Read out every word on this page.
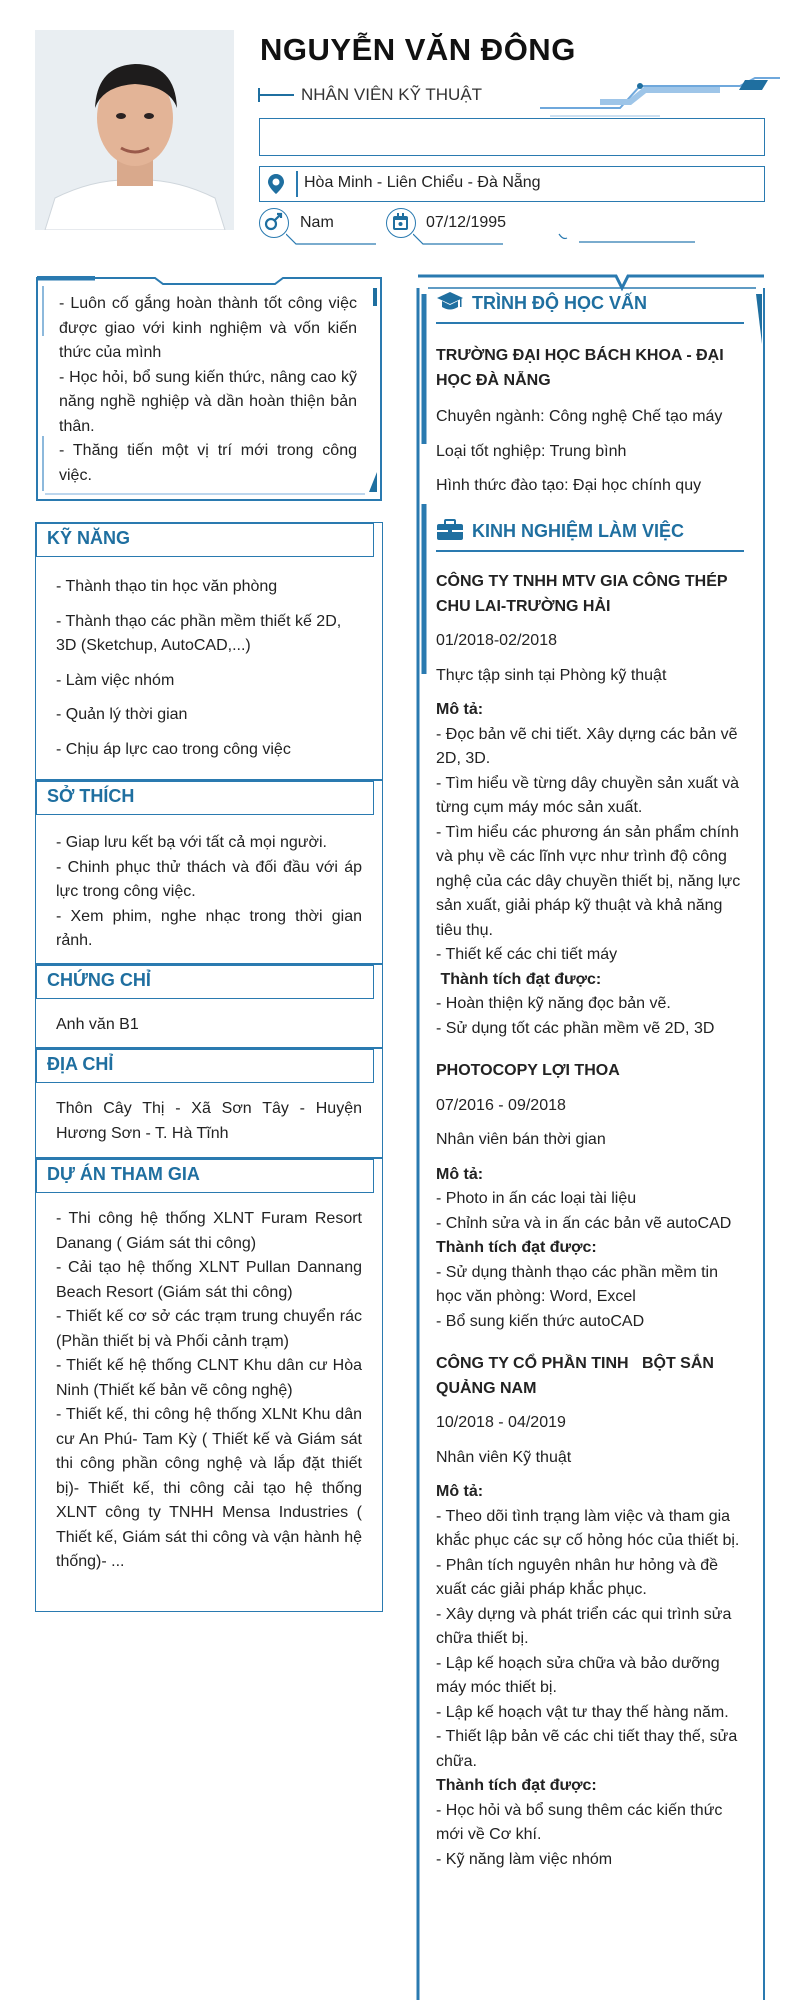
NGUYỄN VĂN ĐÔNG
NHÂN VIÊN KỸ THUẬT
Hòa Minh - Liên Chiểu - Đà Nẵng
Nam	07/12/1995
- Luôn cố gắng hoàn thành tốt công việc được giao với kinh nghiệm và vốn kiến thức của mình
- Học hỏi, bổ sung kiến thức, nâng cao kỹ năng nghề nghiệp và dần hoàn thiện bản thân.
- Thăng tiến một vị trí mới trong công việc.
KỸ NĂNG
- Thành thạo tin học văn phòng
- Thành thạo các phần mềm thiết kế 2D, 3D (Sketchup, AutoCAD,...)
- Làm việc nhóm
- Quản lý thời gian
- Chịu áp lực cao trong công việc
SỞ THÍCH
- Giap lưu kết bạ với tất cả mọi người.
- Chinh phục thử thách và đối đầu với áp lực trong công việc.
- Xem phim, nghe nhạc trong thời gian rảnh.
CHỨNG CHỈ
Anh văn B1
ĐỊA CHỈ
Thôn Cây Thị - Xã Sơn Tây - Huyện Hương Sơn - T. Hà Tĩnh
DỰ ÁN THAM GIA
- Thi công hệ thống XLNT Furam Resort Danang ( Giám sát thi công)
- Cải tạo hệ thống XLNT Pullan Dannang Beach Resort (Giám sát thi công)
- Thiết kế cơ sở các trạm trung chuyển rác (Phần thiết bị và Phối cảnh trạm)
- Thiết kế hệ thống CLNT Khu dân cư Hòa Ninh (Thiết kế bản vẽ công nghệ)
- Thiết kế, thi công hệ thống XLNt Khu dân cư An Phú- Tam Kỳ ( Thiết kế và Giám sát thi công phần công nghệ và lắp đặt thiết bị)- Thiết kế, thi công cải tạo hệ thống XLNT công ty TNHH Mensa Industries ( Thiết kế, Giám sát thi công và vận hành hệ thống)- ...
TRÌNH ĐỘ HỌC VẤN
TRƯỜNG ĐẠI HỌC BÁCH KHOA - ĐẠI HỌC ĐÀ NẴNG
Chuyên ngành: Công nghệ Chế tạo máy
Loại tốt nghiệp: Trung bình
Hình thức đào tạo: Đại học chính quy
KINH NGHIỆM LÀM VIỆC
CÔNG TY TNHH MTV GIA CÔNG THÉP CHU LAI-TRƯỜNG HẢI
01/2018-02/2018
Thực tập sinh tại Phòng kỹ thuật
Mô tả:
- Đọc bản vẽ chi tiết. Xây dựng các bản vẽ 2D, 3D.
- Tìm hiểu về từng dây chuyền sản xuất và từng cụm máy móc sản xuất.
- Tìm hiểu các phương án sản phẩm chính và phụ về các lĩnh vực như trình độ công nghệ của các dây chuyền thiết bị, năng lực sản xuất, giải pháp kỹ thuật và khả năng tiêu thụ.
- Thiết kế các chi tiết máy
Thành tích đạt được:
- Hoàn thiện kỹ năng đọc bản vẽ.
- Sử dụng tốt các phần mềm vẽ 2D, 3D
PHOTOCOPY LỢI THOA
07/2016 - 09/2018
Nhân viên bán thời gian
Mô tả:
- Photo in ấn các loại tài liệu
- Chỉnh sửa và in ấn các bản vẽ autoCAD
Thành tích đạt được:
- Sử dụng thành thạo các phần mềm tin học văn phòng: Word, Excel
- Bổ sung kiến thức autoCAD
CÔNG TY CỔ PHẦN TINH   BỘT SẮN QUẢNG NAM
10/2018 - 04/2019
Nhân viên Kỹ thuật
Mô tả:
- Theo dõi tình trạng làm việc và tham gia khắc phục các sự cố hỏng hóc của thiết bị.
- Phân tích nguyên nhân hư hỏng và đề xuất các giải pháp khắc phục.
- Xây dựng và phát triển các qui trình sửa chữa thiết bị.
- Lập kế hoạch sửa chữa và bảo dưỡng máy móc thiết bị.
- Lập kế hoạch vật tư thay thế hàng năm.
- Thiết lập bản vẽ các chi tiết thay thế, sửa chữa.
Thành tích đạt được:
- Học hỏi và bổ sung thêm các kiến thức mới về Cơ khí.
- Kỹ năng làm việc nhóm
